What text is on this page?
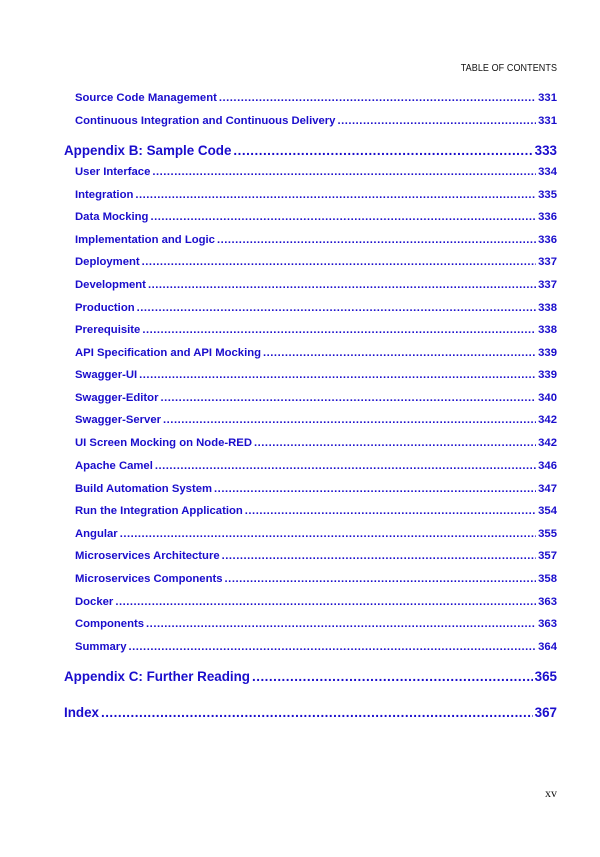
TABLE OF CONTENTS
Source Code Management .....	331
Continuous Integration and Continuous Delivery .....	331
Appendix B: Sample Code .....	333
User Interface .....	334
Integration .....	335
Data Mocking .....	336
Implementation and Logic .....	336
Deployment .....	337
Development .....	337
Production .....	338
Prerequisite .....	338
API Specification and API Mocking .....	339
Swagger-UI .....	339
Swagger-Editor .....	340
Swagger-Server .....	342
UI Screen Mocking on Node-RED .....	342
Apache Camel .....	346
Build Automation System .....	347
Run the Integration Application .....	354
Angular .....	355
Microservices Architecture .....	357
Microservices Components .....	358
Docker .....	363
Components .....	363
Summary .....	364
Appendix C: Further Reading .....	365
Index .....	367
xv
